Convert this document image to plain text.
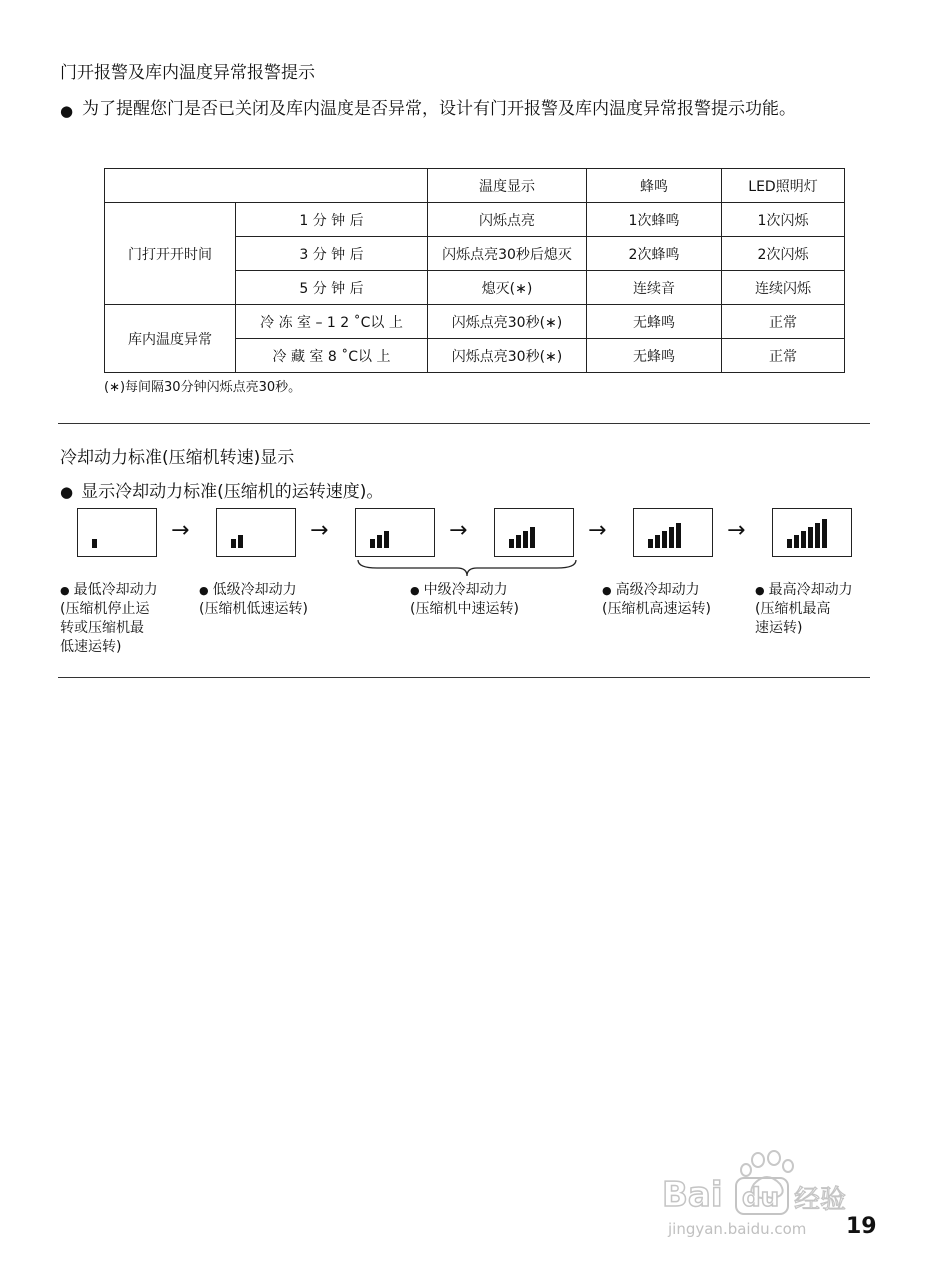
门开报警及库内温度异常报警提示
● 为了提醒您门是否已关闭及库内温度是否异常，设计有门开报警及库内温度异常报警提示功能。
		温度显示	蜂鸣	LED照明灯
门打开开时间	1 分 钟 后	闪烁点亮	1次蜂鸣	1次闪烁
	3 分 钟 后	闪烁点亮30秒后熄灭	2次蜂鸣	2次闪烁
	5 分 钟 后	熄灭(∗)	连续音	连续闪烁
库内温度异常	冷 冻 室 – 1 2 ˚C以 上	闪烁点亮30秒(∗)	无蜂鸣	正常
	冷 藏 室 8 ˚C以 上	闪烁点亮30秒(∗)	无蜂鸣	正常
(∗)每间隔30分钟闪烁点亮30秒。
冷却动力标准(压缩机转速)显示
● 显示冷却动力标准(压缩机的运转速度)。
→	→	→	→	→
● 最低冷却动力
(压缩机停止运
转或压缩机最
低速运转)
● 低级冷却动力
(压缩机低速运转)
● 中级冷却动力
(压缩机中速运转)
● 高级冷却动力
(压缩机高速运转)
● 最高冷却动力
(压缩机最高
速运转)
Bai du 经验
jingyan.baidu.com 19
